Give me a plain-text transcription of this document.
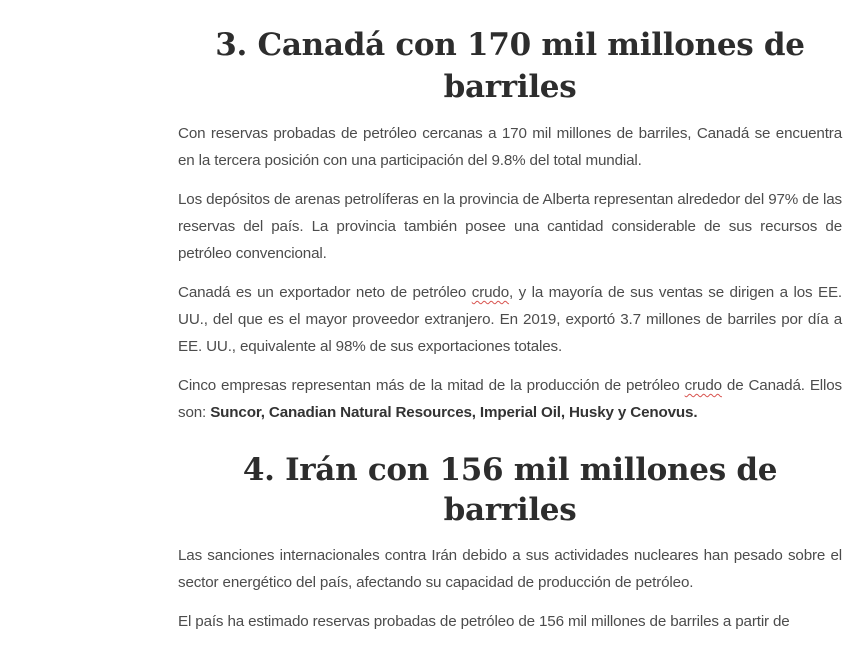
3. Canadá con 170 mil millones de barriles

Con reservas probadas de petróleo cercanas a 170 mil millones de barriles, Canadá se encuentra en la tercera posición con una participación del 9.8% del total mundial.

Los depósitos de arenas petrolíferas en la provincia de Alberta representan alrededor del 97% de las reservas del país. La provincia también posee una cantidad considerable de sus recursos de petróleo convencional.

Canadá es un exportador neto de petróleo crudo, y la mayoría de sus ventas se dirigen a los EE. UU., del que es el mayor proveedor extranjero. En 2019, exportó 3.7 millones de barriles por día a EE. UU., equivalente al 98% de sus exportaciones totales.

Cinco empresas representan más de la mitad de la producción de petróleo crudo de Canadá. Ellos son: Suncor, Canadian Natural Resources, Imperial Oil, Husky y Cenovus.

4. Irán con 156 mil millones de barriles

Las sanciones internacionales contra Irán debido a sus actividades nucleares han pesado sobre el sector energético del país, afectando su capacidad de producción de petróleo.

El país ha estimado reservas probadas de petróleo de 156 mil millones de barriles a partir de
